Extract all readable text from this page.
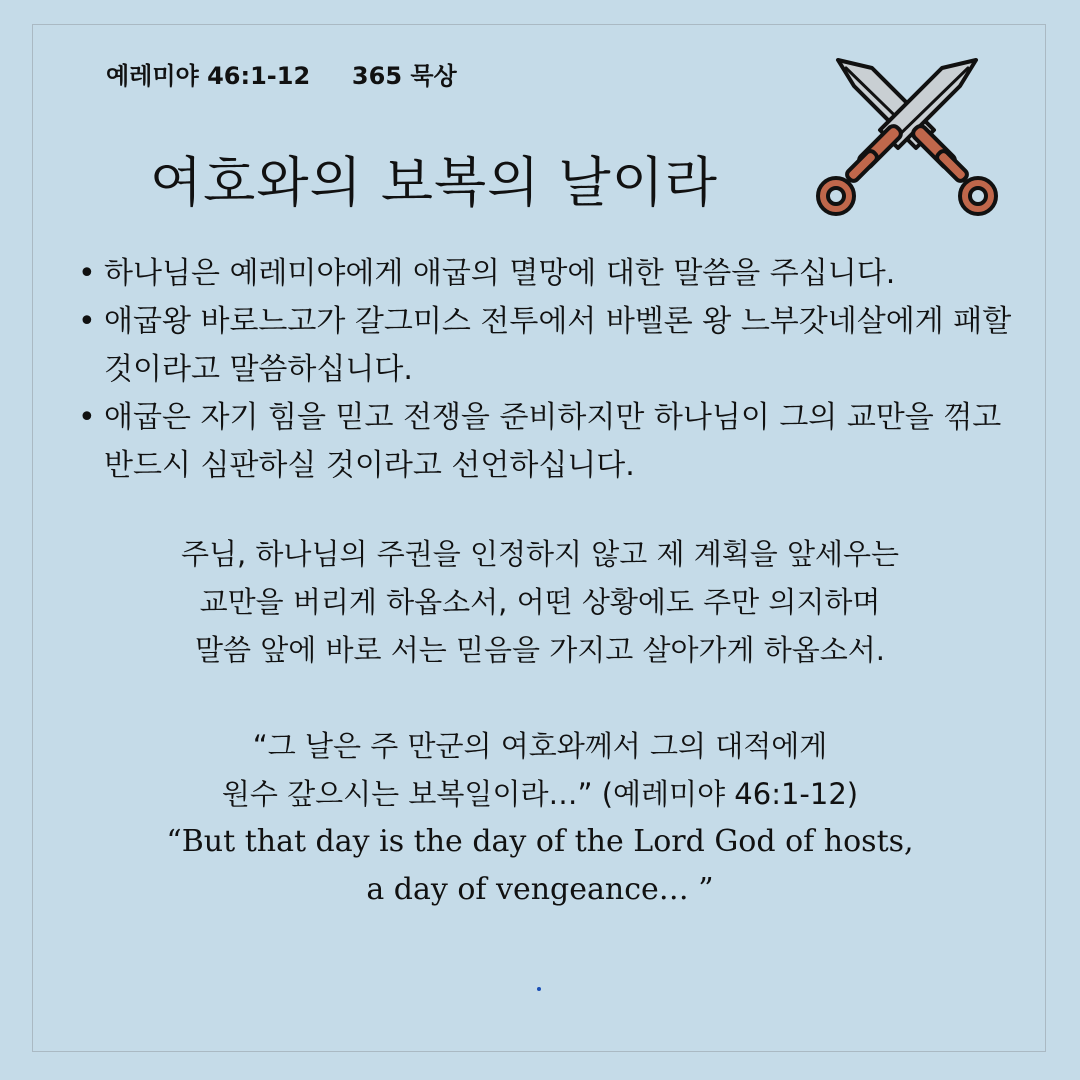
예레미야 46:1-12     365 묵상

여호와의 보복의 날이라
• 하나님은 예레미야에게 애굽의 멸망에 대한 말씀을 주십니다.
• 애굽왕 바로느고가 갈그미스 전투에서 바벨론 왕 느부갓네살에게 패할 것이라고 말씀하십니다.
• 애굽은 자기 힘을 믿고 전쟁을 준비하지만 하나님이 그의 교만을 꺾고 반드시 심판하실 것이라고 선언하십니다.

주님, 하나님의 주권을 인정하지 않고 제 계획을 앞세우는
교만을 버리게 하옵소서, 어떤 상황에도 주만 의지하며
말씀 앞에 바로 서는 믿음을 가지고 살아가게 하옵소서.

“그 날은 주 만군의 여호와께서 그의 대적에게
원수 갚으시는 보복일이라…” (예레미야 46:1-12)
“But that day is the day of the Lord God of hosts,
a day of vengeance… ”
